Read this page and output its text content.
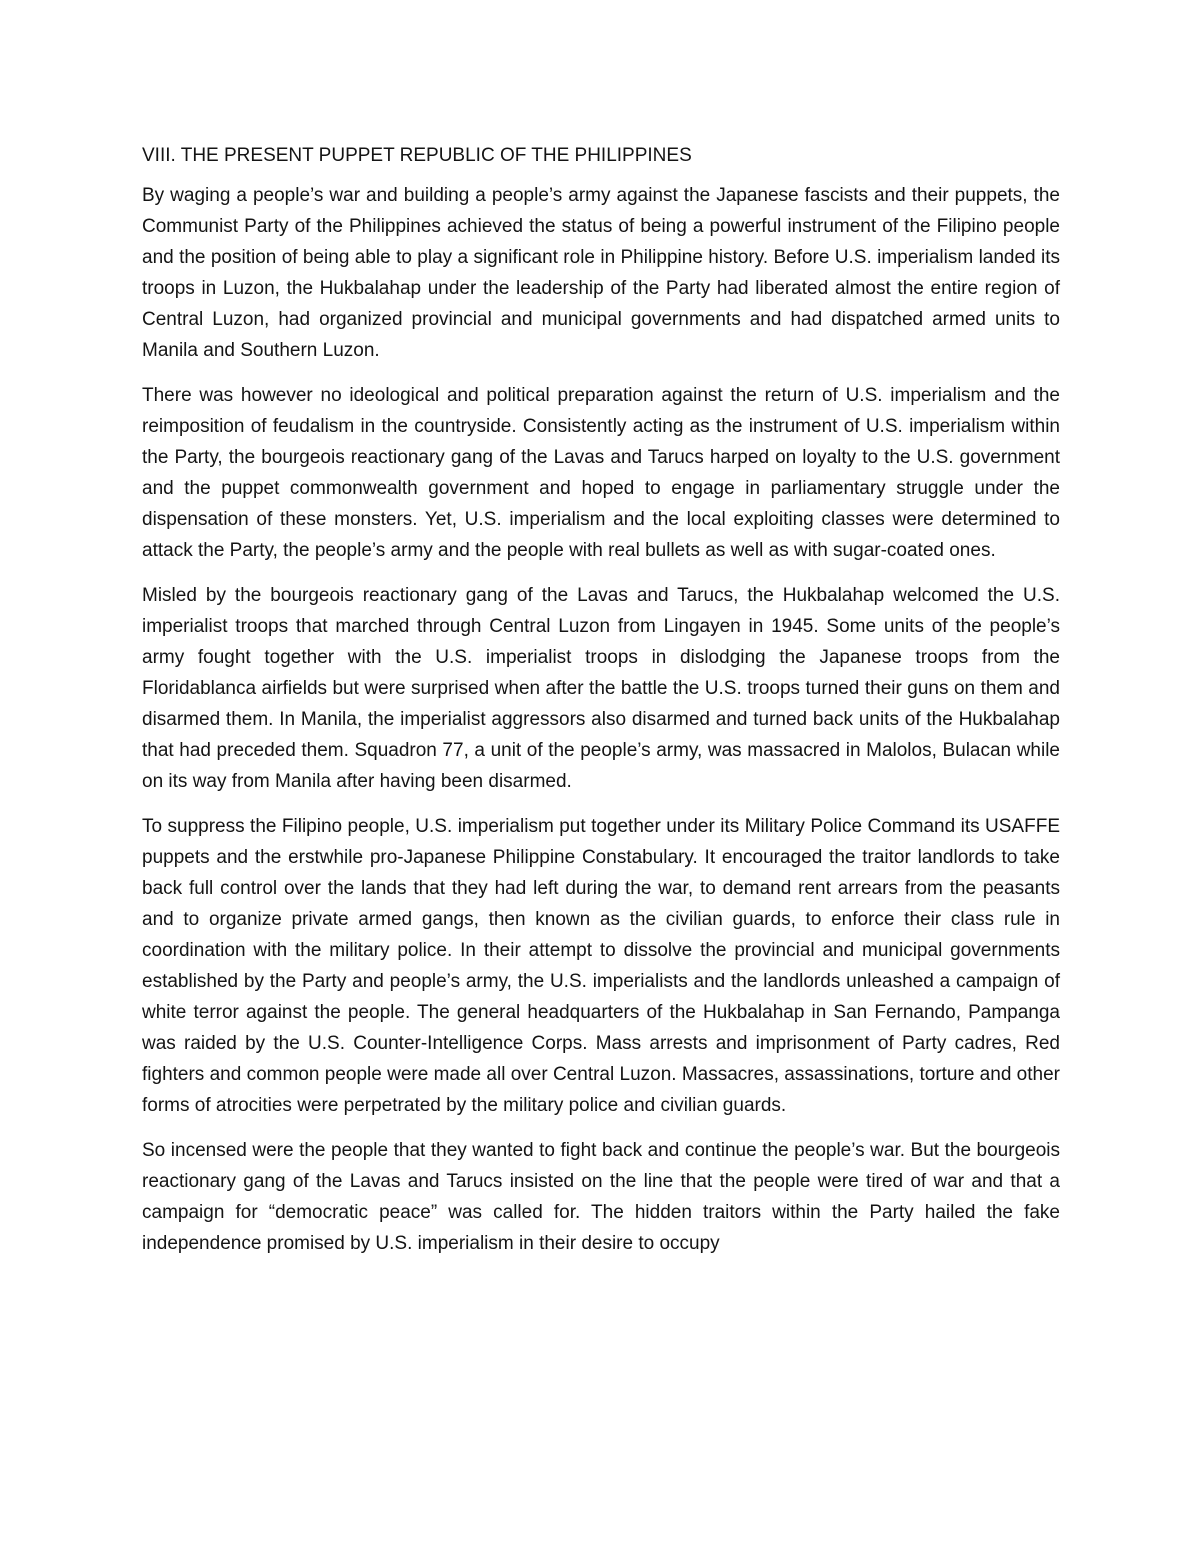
VIII. THE PRESENT PUPPET REPUBLIC OF THE PHILIPPINES

By waging a people’s war and building a people’s army against the Japanese fascists and their puppets, the Communist Party of the Philippines achieved the status of being a powerful instrument of the Filipino people and the position of being able to play a significant role in Philippine history. Before U.S. imperialism landed its troops in Luzon, the Hukbalahap under the leadership of the Party had liberated almost the entire region of Central Luzon, had organized provincial and municipal governments and had dispatched armed units to Manila and Southern Luzon.

There was however no ideological and political preparation against the return of U.S. imperialism and the reimposition of feudalism in the countryside. Consistently acting as the instrument of U.S. imperialism within the Party, the bourgeois reactionary gang of the Lavas and Tarucs harped on loyalty to the U.S. government and the puppet commonwealth government and hoped to engage in parliamentary struggle under the dispensation of these monsters. Yet, U.S. imperialism and the local exploiting classes were determined to attack the Party, the people’s army and the people with real bullets as well as with sugar-coated ones.

Misled by the bourgeois reactionary gang of the Lavas and Tarucs, the Hukbalahap welcomed the U.S. imperialist troops that marched through Central Luzon from Lingayen in 1945. Some units of the people’s army fought together with the U.S. imperialist troops in dislodging the Japanese troops from the Floridablanca airfields but were surprised when after the battle the U.S. troops turned their guns on them and disarmed them. In Manila, the imperialist aggressors also disarmed and turned back units of the Hukbalahap that had preceded them. Squadron 77, a unit of the people’s army, was massacred in Malolos, Bulacan while on its way from Manila after having been disarmed.

To suppress the Filipino people, U.S. imperialism put together under its Military Police Command its USAFFE puppets and the erstwhile pro-Japanese Philippine Constabulary. It encouraged the traitor landlords to take back full control over the lands that they had left during the war, to demand rent arrears from the peasants and to organize private armed gangs, then known as the civilian guards, to enforce their class rule in coordination with the military police. In their attempt to dissolve the provincial and municipal governments established by the Party and people’s army, the U.S. imperialists and the landlords unleashed a campaign of white terror against the people. The general headquarters of the Hukbalahap in San Fernando, Pampanga was raided by the U.S. Counter-Intelligence Corps. Mass arrests and imprisonment of Party cadres, Red fighters and common people were made all over Central Luzon. Massacres, assassinations, torture and other forms of atrocities were perpetrated by the military police and civilian guards.

So incensed were the people that they wanted to fight back and continue the people’s war. But the bourgeois reactionary gang of the Lavas and Tarucs insisted on the line that the people were tired of war and that a campaign for “democratic peace” was called for. The hidden traitors within the Party hailed the fake independence promised by U.S. imperialism in their desire to occupy
